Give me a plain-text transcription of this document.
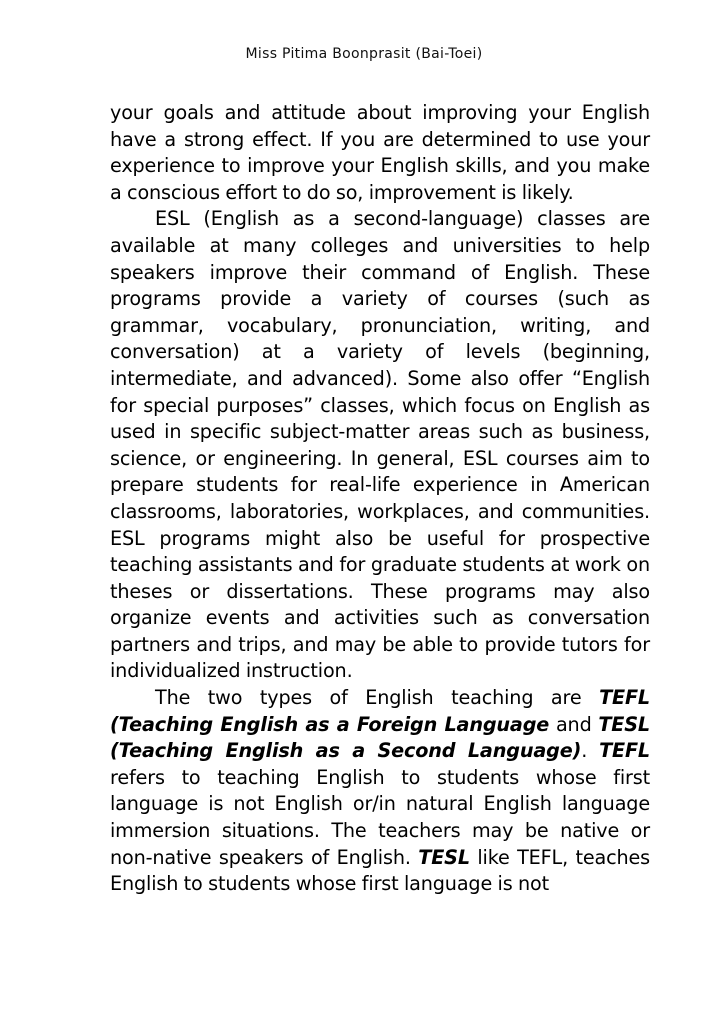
Miss Pitima Boonprasit (Bai-Toei)

your goals and attitude about improving your English have a strong effect. If you are determined to use your experience to improve your English skills, and you make a conscious effort to do so, improvement is likely.

ESL (English as a second-language) classes are available at many colleges and universities to help speakers improve their command of English. These programs provide a variety of courses (such as grammar, vocabulary, pronunciation, writing, and conversation) at a variety of levels (beginning, intermediate, and advanced). Some also offer “English for special purposes” classes, which focus on English as used in specific subject-matter areas such as business, science, or engineering. In general, ESL courses aim to prepare students for real-life experience in American classrooms, laboratories, workplaces, and communities. ESL programs might also be useful for prospective teaching assistants and for graduate students at work on theses or dissertations. These programs may also organize events and activities such as conversation partners and trips, and may be able to provide tutors for individualized instruction.

The two types of English teaching are TEFL (Teaching English as a Foreign Language and TESL (Teaching English as a Second Language). TEFL refers to teaching English to students whose first language is not English or/in natural English language immersion situations. The teachers may be native or non-native speakers of English. TESL like TEFL, teaches English to students whose first language is not
